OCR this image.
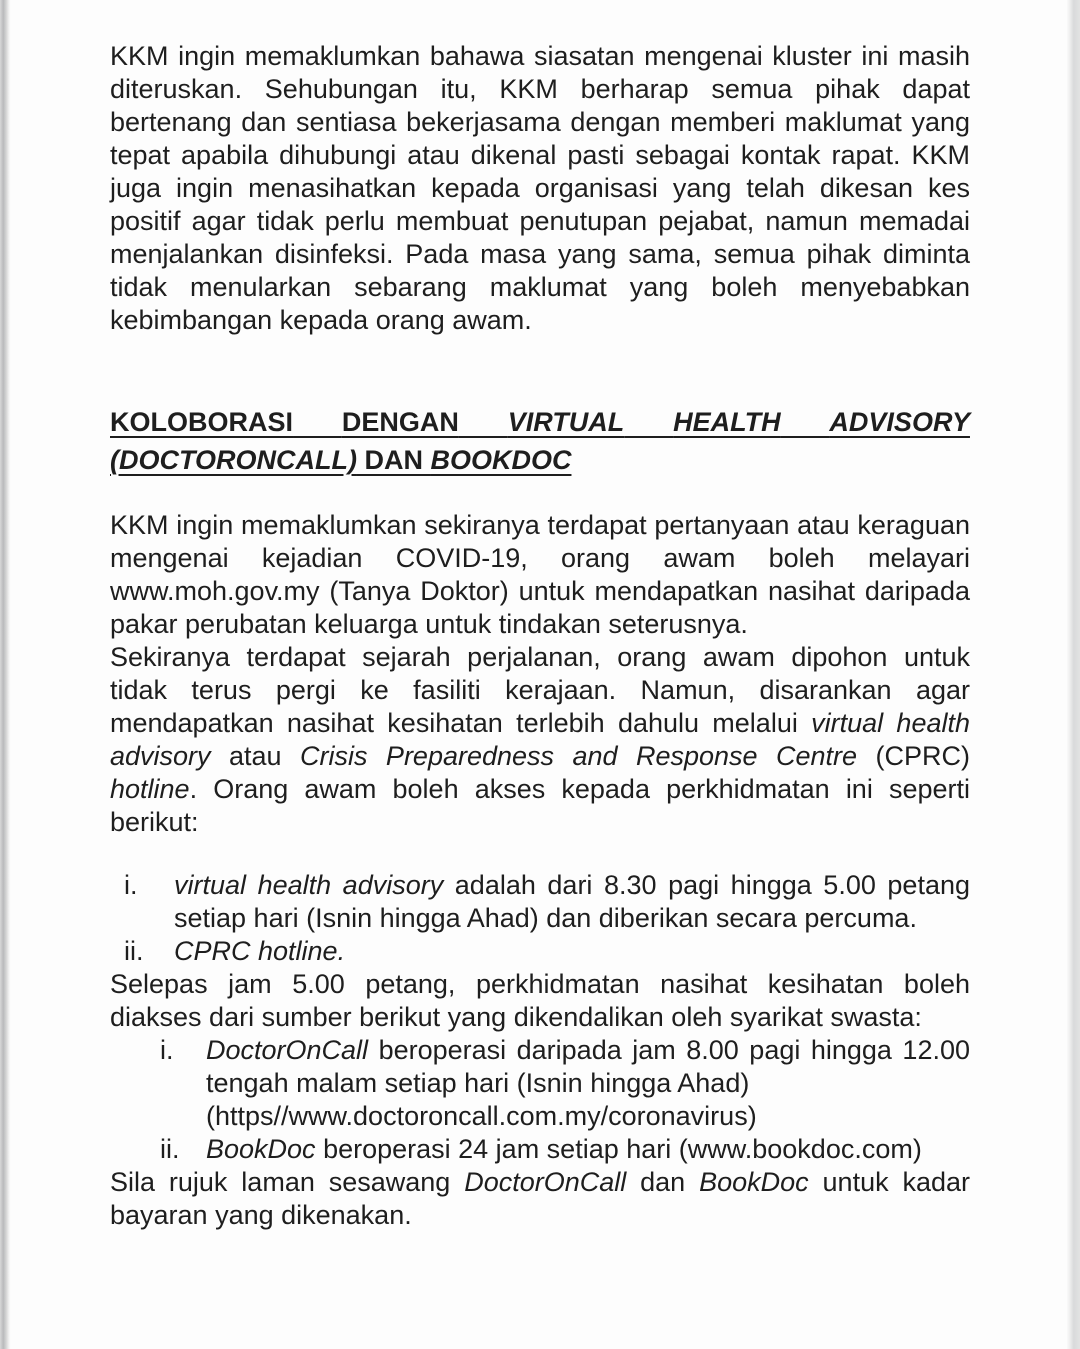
KKM ingin memaklumkan bahawa siasatan mengenai kluster ini masih diteruskan. Sehubungan itu, KKM berharap semua pihak dapat bertenang dan sentiasa bekerjasama dengan memberi maklumat yang tepat apabila dihubungi atau dikenal pasti sebagai kontak rapat. KKM juga ingin menasihatkan kepada organisasi yang telah dikesan kes positif agar tidak perlu membuat penutupan pejabat, namun memadai menjalankan disinfeksi. Pada masa yang sama, semua pihak diminta tidak menularkan sebarang maklumat yang boleh menyebabkan kebimbangan kepada orang awam.

KOLOBORASI DENGAN VIRTUAL HEALTH ADVISORY
(DOCTORONCALL) DAN BOOKDOC

KKM ingin memaklumkan sekiranya terdapat pertanyaan atau keraguan mengenai kejadian COVID-19, orang awam boleh melayari www.moh.gov.my (Tanya Doktor) untuk mendapatkan nasihat daripada pakar perubatan keluarga untuk tindakan seterusnya.

Sekiranya terdapat sejarah perjalanan, orang awam dipohon untuk tidak terus pergi ke fasiliti kerajaan. Namun, disarankan agar mendapatkan nasihat kesihatan terlebih dahulu melalui virtual health advisory atau Crisis Preparedness and Response Centre (CPRC) hotline. Orang awam boleh akses kepada perkhidmatan ini seperti berikut:

i.	virtual health advisory adalah dari 8.30 pagi hingga 5.00 petang setiap hari (Isnin hingga Ahad) dan diberikan secara percuma.
ii.	CPRC hotline.

Selepas jam 5.00 petang, perkhidmatan nasihat kesihatan boleh diakses dari sumber berikut yang dikendalikan oleh syarikat swasta:

i.	DoctorOnCall beroperasi daripada jam 8.00 pagi hingga 12.00 tengah malam setiap hari (Isnin hingga Ahad)
(https//www.doctoroncall.com.my/coronavirus)
ii. BookDoc beroperasi 24 jam setiap hari (www.bookdoc.com)

Sila rujuk laman sesawang DoctorOnCall dan BookDoc untuk kadar bayaran yang dikenakan.
